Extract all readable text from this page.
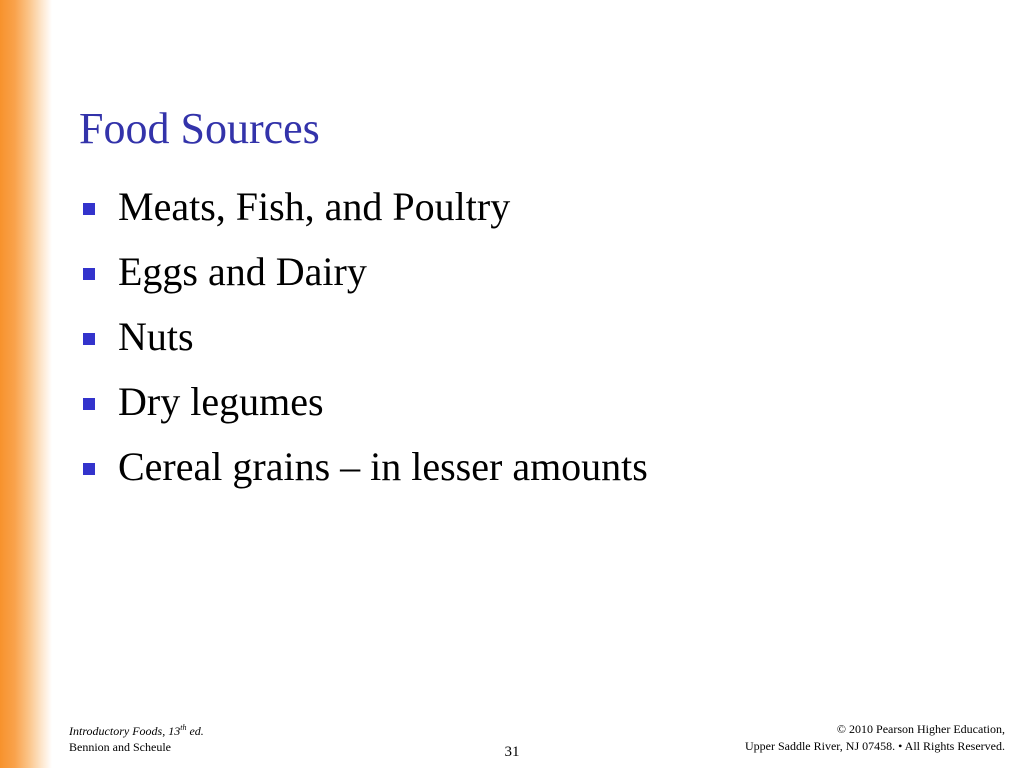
Food Sources
Meats, Fish, and Poultry
Eggs and Dairy
Nuts
Dry legumes
Cereal grains – in lesser amounts
Introductory Foods, 13th ed.
Bennion and Scheule	31
© 2010 Pearson Higher Education,
Upper Saddle River, NJ 07458. • All Rights Reserved.
